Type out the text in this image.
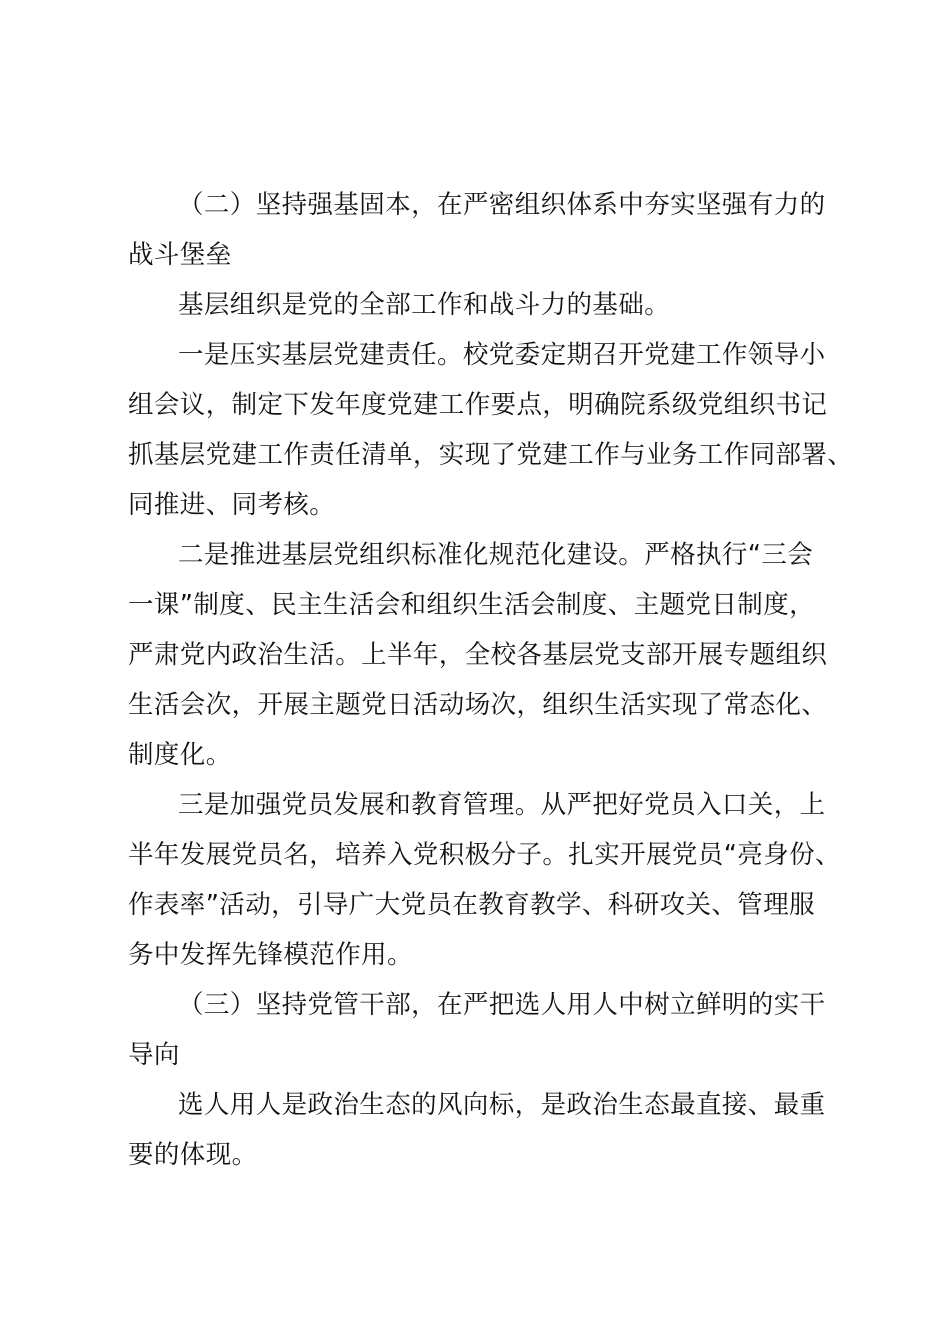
（二）坚持强基固本，在严密组织体系中夯实坚强有力的
战斗堡垒
基层组织是党的全部工作和战斗力的基础。
一是压实基层党建责任。校党委定期召开党建工作领导小
组会议，制定下发年度党建工作要点，明确院系级党组织书记
抓基层党建工作责任清单，实现了党建工作与业务工作同部署、
同推进、同考核。
二是推进基层党组织标准化规范化建设。严格执行“三会
一课”制度、民主生活会和组织生活会制度、主题党日制度，
严肃党内政治生活。上半年，全校各基层党支部开展专题组织
生活会次，开展主题党日活动场次，组织生活实现了常态化、
制度化。
三是加强党员发展和教育管理。从严把好党员入口关，上
半年发展党员名，培养入党积极分子。扎实开展党员“亮身份、
作表率”活动，引导广大党员在教育教学、科研攻关、管理服
务中发挥先锋模范作用。
（三）坚持党管干部，在严把选人用人中树立鲜明的实干
导向
选人用人是政治生态的风向标，是政治生态最直接、最重
要的体现。
